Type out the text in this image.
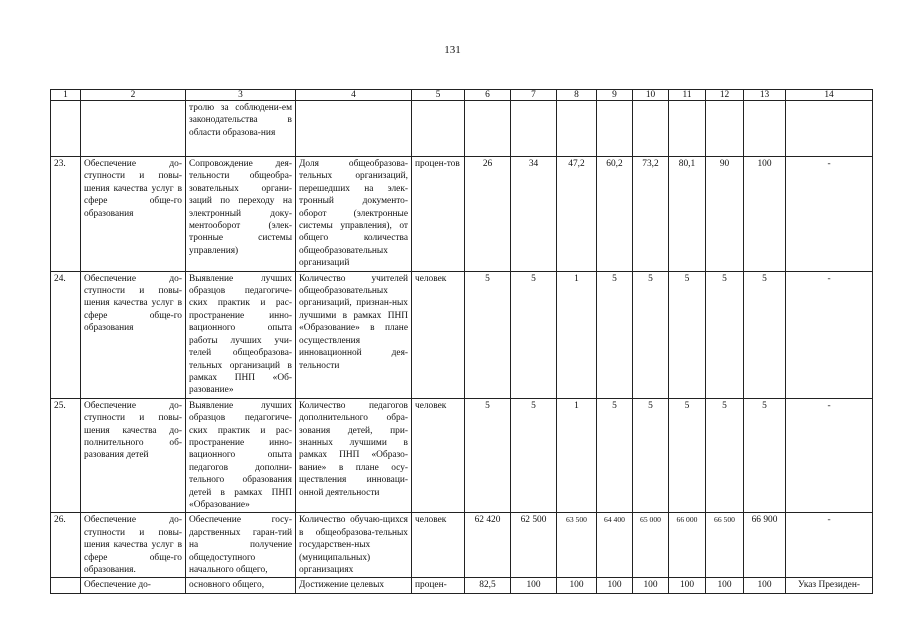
131
1	2	3	4	5	6	7	8	9	10	11	12	13	14
		тролю за соблюдени-ем законодательства в области образова-ния											
23.	Обеспечение до-ступности и повы-шения качества услуг в сфере обще-го образования	Сопровождение дея-тельности общеобра-зовательных органи-заций по переходу на электронный доку-ментооборот (элек-тронные системы управления)	Доля общеобразова-тельных организаций, перешедших на элек-тронный документо-оборот (электронные системы управления), от общего количества общеобразовательных организаций	процен-тов	26	34	47,2	60,2	73,2	80,1	90	100	-
24.	Обеспечение до-ступности и повы-шения качества услуг в сфере обще-го образования	Выявление лучших образцов педагогиче-ских практик и рас-пространение инно-вационного опыта работы лучших учи-телей общеобразова-тельных организаций в рамках ПНП «Об-разование»	Количество учителей общеобразовательных организаций, признан-ных лучшими в рамках ПНП «Образование» в плане осуществления инновационной дея-тельности	человек	5	5	1	5	5	5	5	5	-
25.	Обеспечение до-ступности и повы-шения качества до-полнительного об-разования детей	Выявление лучших образцов педагогиче-ских практик и рас-пространение инно-вационного опыта педагогов дополни-тельного образования детей в рамках ПНП «Образование»	Количество педагогов дополнительного обра-зования детей, при-знанных лучшими в рамках ПНП «Образо-вание» в плане осу-ществления инноваци-онной деятельности	человек	5	5	1	5	5	5	5	5	-
26.	Обеспечение до-ступности и повы-шения качества услуг в сфере обще-го образования.	Обеспечение госу-дарственных гаран-тий на получение общедоступного начального общего,	Количество обучаю-щихся в общеобразова-тельных государствен-ных (муниципальных) организациях	человек	62 420	62 500	63 500	64 400	65 000	66 000	66 500	66 900	-
	Обеспечение до-	основного общего,	Достижение целевых	процен-	82,5	100	100	100	100	100	100	100	Указ Президен-
